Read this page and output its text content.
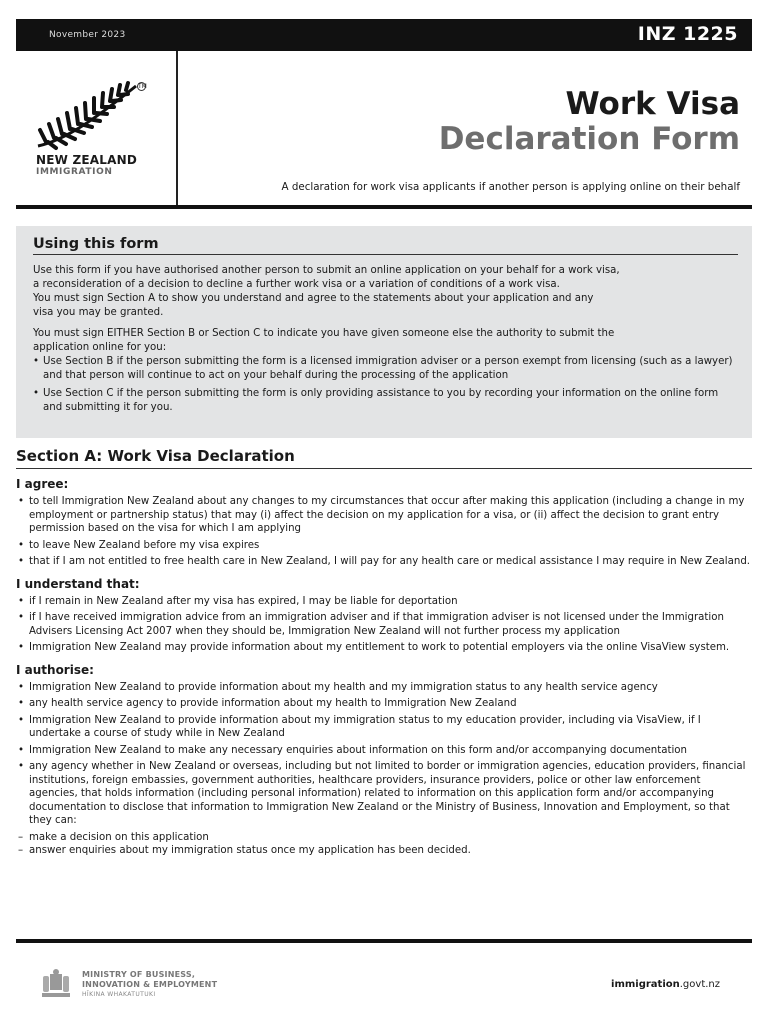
November 2023	INZ 1225
TM
NEW ZEALAND
IMMIGRATION
Work Visa
Declaration Form
A declaration for work visa applicants if another person is applying online on their behalf
Using this form

Use this form if you have authorised another person to submit an online application on your behalf for a work visa,

a reconsideration of a decision to decline a further work visa or a variation of conditions of a work visa.

You must sign Section A to show you understand and agree to the statements about your application and any

visa you may be granted.

You must sign EITHER Section B or Section C to indicate you have given someone else the authority to submit the

application online for you:

• Use Section B if the person submitting the form is a licensed immigration adviser or a person exempt from licensing (such as a lawyer) and that person will continue to act on your behalf during the processing of the application
• Use Section C if the person submitting the form is only providing assistance to you by recording your information on the online form and submitting it for you.
Section A: Work Visa Declaration
I agree:
• to tell Immigration New Zealand about any changes to my circumstances that occur after making this application (including a change in my employment or partnership status) that may (i) affect the decision on my application for a visa, or (ii) affect the decision to grant entry permission based on the visa for which I am applying
• to leave New Zealand before my visa expires
• that if I am not entitled to free health care in New Zealand, I will pay for any health care or medical assistance I may require in New Zealand.
I understand that:
• if I remain in New Zealand after my visa has expired, I may be liable for deportation
• if I have received immigration advice from an immigration adviser and if that immigration adviser is not licensed under the Immigration Advisers Licensing Act 2007 when they should be, Immigration New Zealand will not further process my application
• Immigration New Zealand may provide information about my entitlement to work to potential employers via the online VisaView system.
I authorise:
• Immigration New Zealand to provide information about my health and my immigration status to any health service agency
• any health service agency to provide information about my health to Immigration New Zealand
• Immigration New Zealand to provide information about my immigration status to my education provider, including via VisaView, if I undertake a course of study while in New Zealand
• Immigration New Zealand to make any necessary enquiries about information on this form and/or accompanying documentation
• any agency whether in New Zealand or overseas, including but not limited to border or immigration agencies, education providers, financial institutions, foreign embassies, government authorities, healthcare providers, insurance providers, police or other law enforcement agencies, that holds information (including personal information) related to information on this application form and/or accompanying documentation to disclose that information to Immigration New Zealand or the Ministry of Business, Innovation and Employment, so that they can:
– make a decision on this application
– answer enquiries about my immigration status once my application has been decided.
MINISTRY OF BUSINESS,
INNOVATION & EMPLOYMENT
HĪKINA WHAKATUTUKI
immigration.govt.nz
